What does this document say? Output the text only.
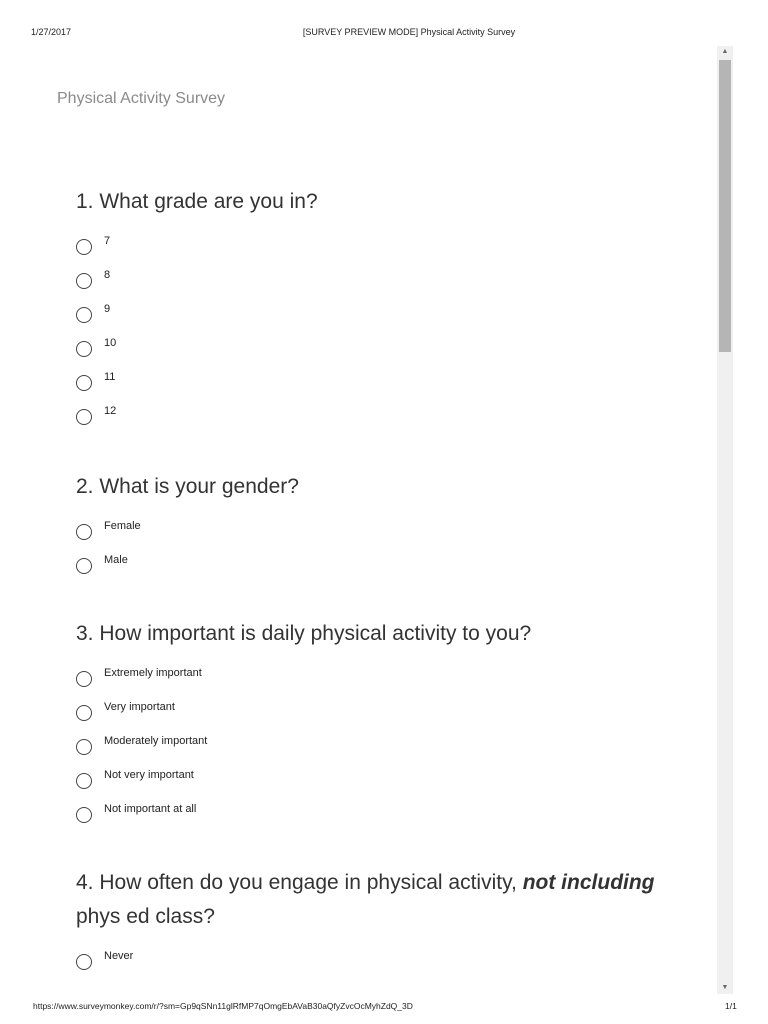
1/27/2017	[SURVEY PREVIEW MODE] Physical Activity Survey
Physical Activity Survey
1. What grade are you in?
7
8
9
10
11
12
2. What is your gender?
Female
Male
3. How important is daily physical activity to you?
Extremely important
Very important
Moderately important
Not very important
Not important at all
4. How often do you engage in physical activity, not including phys ed class?
Never
▲
▼
https://www.surveymonkey.com/r/?sm=Gp9qSNn11glRfMP7qOmgEbAVaB30aQfyZvcOcMyhZdQ_3D	1/1
